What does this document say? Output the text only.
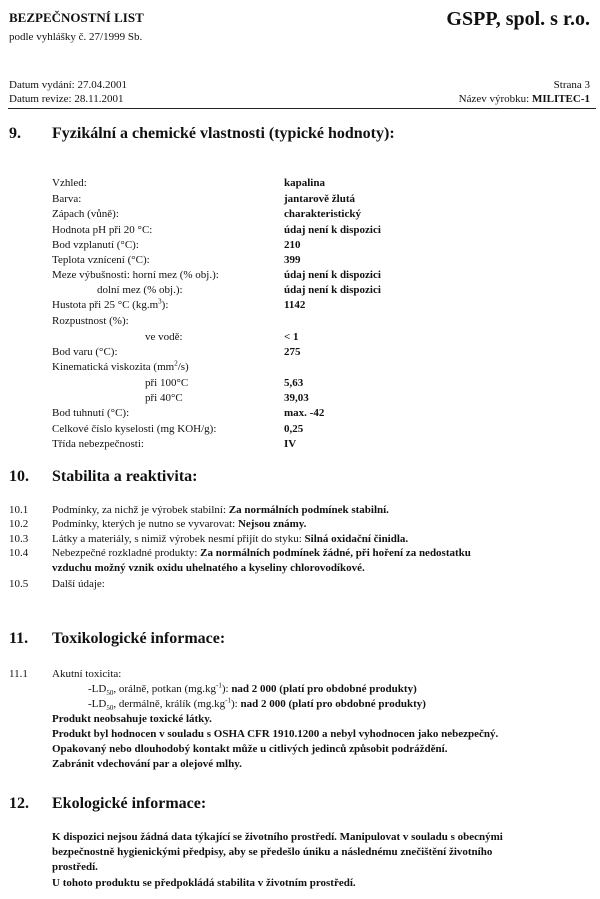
BEZPEČNOSTNÍ LIST
podle vyhlášky č. 27/1999 Sb.
GSPP, spol. s r.o.
Datum vydání: 27.04.2001
Datum revize: 28.11.2001
Strana 3
Název výrobku: MILITEC-1
9. Fyzikální a chemické vlastnosti (typické hodnoty):
Vzhled:	kapalina
Barva:	jantarově žlutá
Zápach (vůně):	charakteristický
Hodnota pH při 20 °C:	údaj není k dispozici
Bod vzplanutí (°C):	210
Teplota vznícení (°C):	399
Meze výbušnosti: horní mez (% obj.):	údaj není k dispozici
dolní mez (% obj.):	údaj není k dispozici
Hustota při 25 °C $(kg.m^3)$:	1142
Rozpustnost (%):
ve vodě:	< 1
Bod varu (°C):	275
Kinematická viskozita $(mm^2/s)$
při 100°C	5,63
při 40°C	39,03
Bod tuhnutí (°C):	max. -42
Celkové číslo kyselosti (mg KOH/g):	0,25
Třída nebezpečnosti:	IV
10. Stabilita a reaktivita:
10.1 Podmínky, za nichž je výrobek stabilní: Za normálních podmínek stabilní.
10.2 Podmínky, kterých je nutno se vyvarovat: Nejsou známy.
10.3 Látky a materiály, s nimiž výrobek nesmí přijít do styku: Silná oxidační činidla.
10.4 Nebezpečné rozkladné produkty: Za normálních podmínek žádné, při hoření za nedostatku
vzduchu možný vznik oxidu uhelnatého a kyseliny chlorovodíkové.
10.5 Další údaje:
11. Toxikologické informace:
11.1 Akutní toxicita:
$-LD_{50}$, orálně, potkan $(mg.kg^{-1})$: nad 2 000 (platí pro obdobné produkty)
$-LD_{50}$, dermálně, králík $(mg.kg^{-1})$: nad 2 000 (platí pro obdobné produkty)
Produkt neobsahuje toxické látky.
Produkt byl hodnocen v souladu s OSHA CFR 1910.1200 a nebyl vyhodnocen jako nebezpečný.
Opakovaný nebo dlouhodobý kontakt může u citlivých jedinců způsobit podráždění.
Zabránit vdechování par a olejové mlhy.
12. Ekologické informace:
K dispozici nejsou žádná data týkající se životního prostředí. Manipulovat v souladu s obecnými
bezpečnostně hygienickými předpisy, aby se předešlo úniku a následnému znečištění životního
prostředí.
U tohoto produktu se předpokládá stabilita v životním prostředí.
